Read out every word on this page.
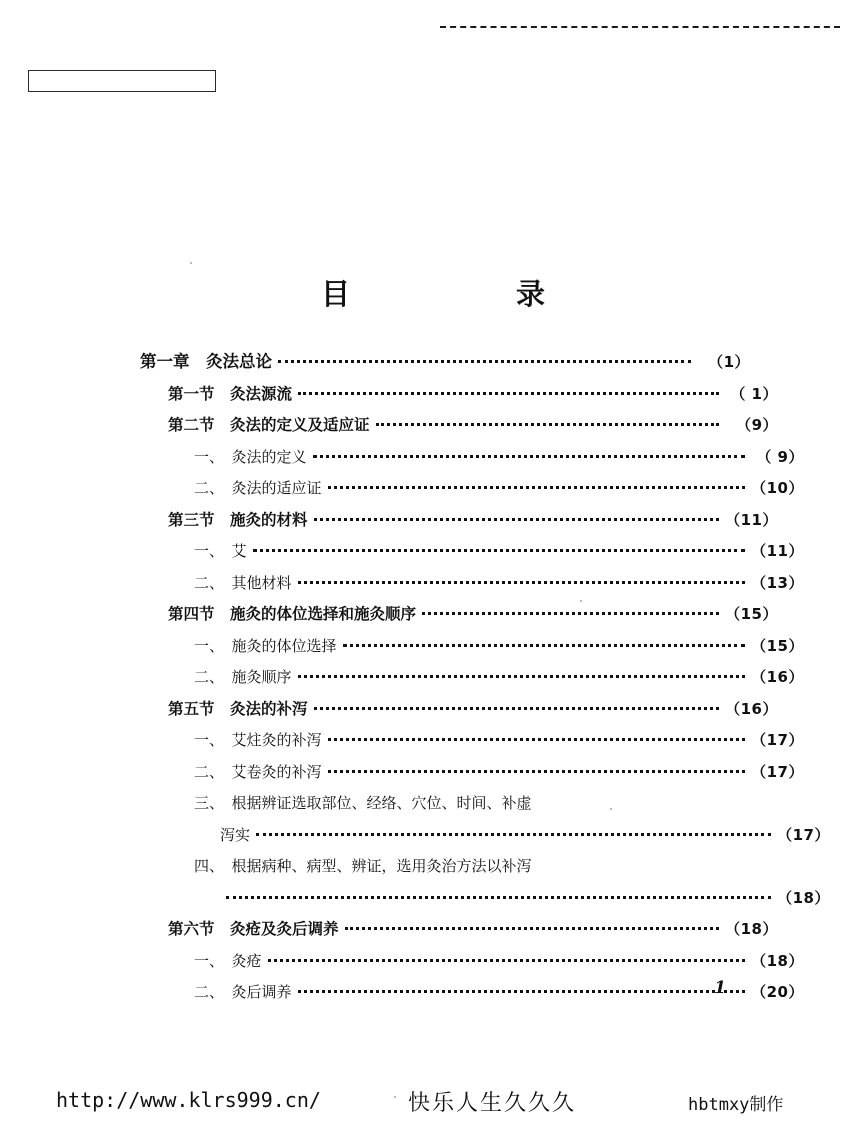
目　　录
第一章　灸法总论	（1）
第一节　灸法源流	（ 1）
第二节　灸法的定义及适应证	（9）
一、　灸法的定义	（ 9）
二、　灸法的适应证	（10）
第三节　施灸的材料	（11）
一、　艾	（11）
二、　其他材料	（13）
第四节　施灸的体位选择和施灸顺序	（15）
一、　施灸的体位选择	（15）
二、　施灸顺序	（16）
第五节　灸法的补泻	（16）
一、　艾炷灸的补泻	（17）
二、　艾卷灸的补泻	（17）
三、　根据辨证选取部位、经络、穴位、时间、补虚
泻实	（17）
四、　根据病种、病型、辨证，选用灸治方法以补泻
（18）
第六节　灸疮及灸后调养	（18）
一、　灸疮	（18）
二、　灸后调养	（20）
1
http://www.klrs999.cn/	快乐人生久久久	hbtmxy制作
